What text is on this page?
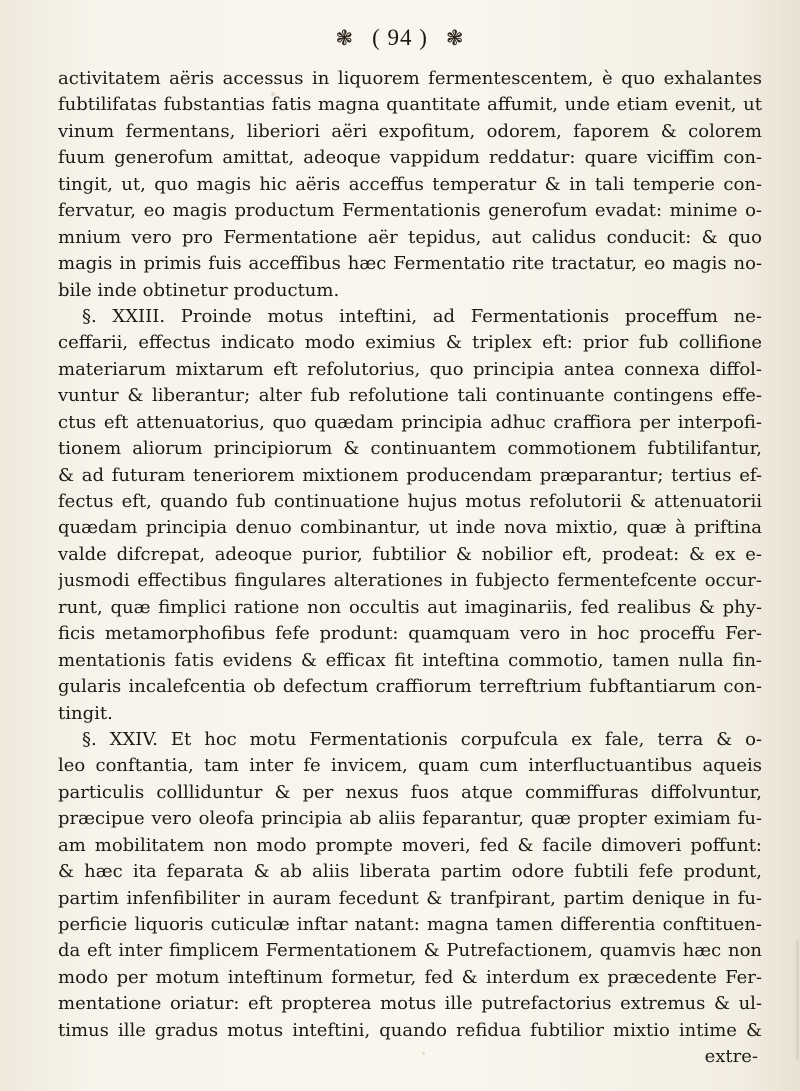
❃ ( 94 ) ❃
activitatem aëris accessus in liquorem fermentescentem, è quo exhalantes
fubtilifatas fubstantias fatis magna quantitate affumit, unde etiam evenit, ut
vinum fermentans, liberiori aëri expofitum, odorem, faporem & colorem
fuum generofum amittat, adeoque vappidum reddatur: quare viciffim con-
tingit, ut, quo magis hic aëris acceffus temperatur & in tali temperie con-
fervatur, eo magis productum Fermentationis generofum evadat: minime o-
mnium vero pro Fermentatione aër tepidus, aut calidus conducit: & quo
magis in primis fuis acceffibus hæc Fermentatio rite tractatur, eo magis no-
bile inde obtinetur productum.
§. XXIII. Proinde motus inteftini, ad Fermentationis proceffum ne-
ceffarii, effectus indicato modo eximius & triplex eft: prior fub collifione
materiarum mixtarum eft refolutorius, quo principia antea connexa diffol-
vuntur & liberantur; alter fub refolutione tali continuante contingens effe-
ctus eft attenuatorius, quo quædam principia adhuc craffiora per interpofi-
tionem aliorum principiorum & continuantem commotionem fubtilifantur,
& ad futuram teneriorem mixtionem producendam præparantur; tertius ef-
fectus eft, quando fub continuatione hujus motus refolutorii & attenuatorii
quædam principia denuo combinantur, ut inde nova mixtio, quæ à priftina
valde difcrepat, adeoque purior, fubtilior & nobilior eft, prodeat: & ex e-
jusmodi effectibus fingulares alterationes in fubjecto fermentefcente occur-
runt, quæ fimplici ratione non occultis aut imaginariis, fed realibus & phy-
ficis metamorphofibus fefe produnt: quamquam vero in hoc proceffu Fer-
mentationis fatis evidens & efficax fit inteftina commotio, tamen nulla fin-
gularis incalefcentia ob defectum craffiorum terreftrium fubftantiarum con-
tingit.
§. XXIV. Et hoc motu Fermentationis corpufcula ex fale, terra & o-
leo conftantia, tam inter fe invicem, quam cum interfluctuantibus aqueis
particulis collliduntur & per nexus fuos atque commiffuras diffolvuntur,
præcipue vero oleofa principia ab aliis feparantur, quæ propter eximiam fu-
am mobilitatem non modo prompte moveri, fed & facile dimoveri poffunt:
& hæc ita feparata & ab aliis liberata partim odore fubtili fefe produnt,
partim infenfibiliter in auram fecedunt & tranfpirant, partim denique in fu-
perficie liquoris cuticulæ inftar natant: magna tamen differentia conftituen-
da eft inter fimplicem Fermentationem & Putrefactionem, quamvis hæc non
modo per motum inteftinum formetur, fed & interdum ex præcedente Fer-
mentatione oriatur: eft propterea motus ille putrefactorius extremus & ul-
timus ille gradus motus inteftini, quando refidua fubtilior mixtio intime &
extre-
